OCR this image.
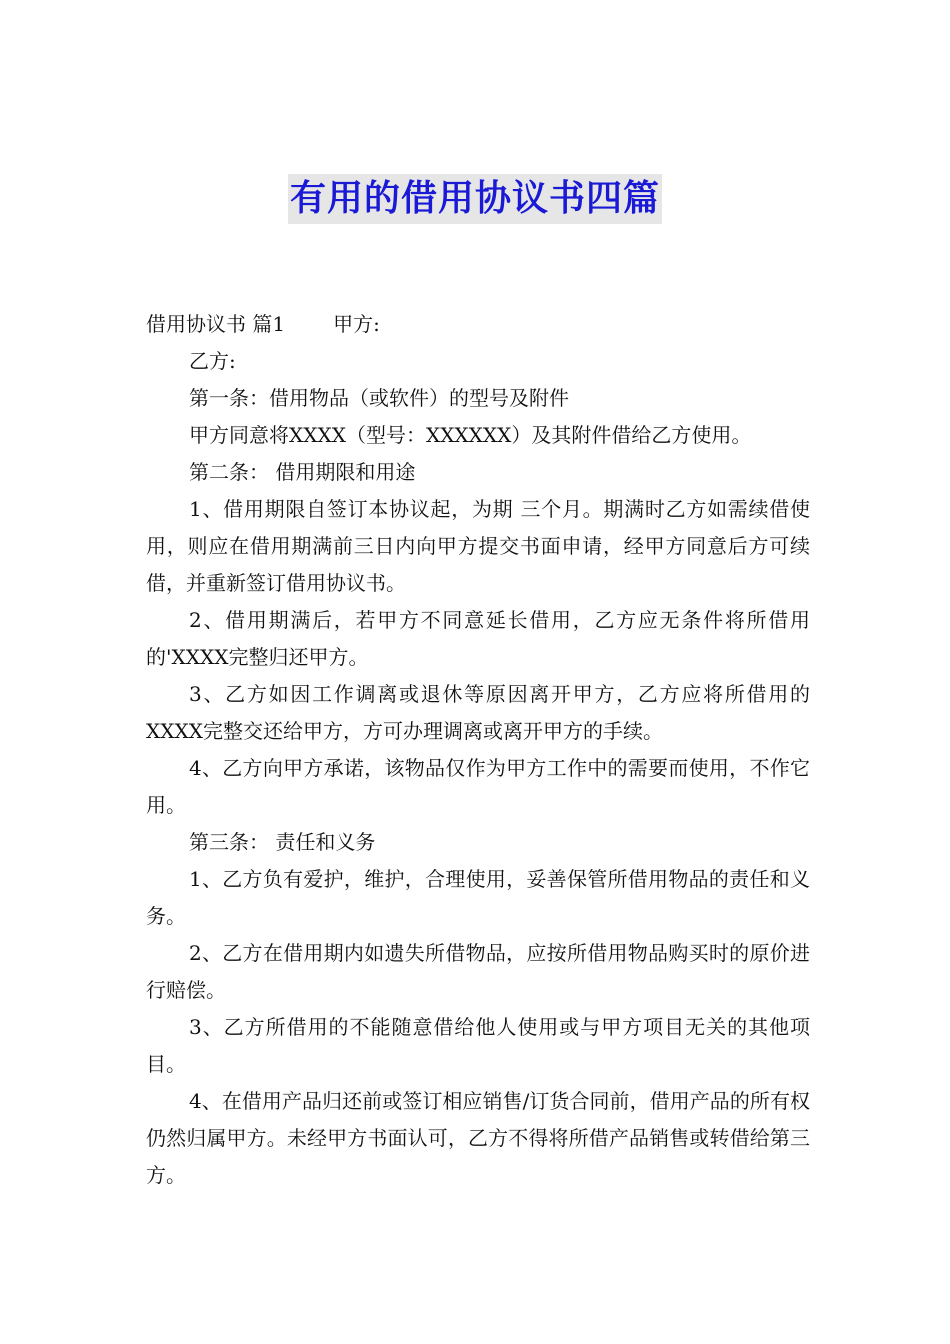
有用的借用协议书四篇

借用协议书 篇1 甲方:

乙方:

第一条：借用物品（或软件）的型号及附件

甲方同意将XXXX（型号：XXXXXX）及其附件借给乙方使用。

第二条： 借用期限和用途

1、借用期限自签订本协议起，为期 三个月。期满时乙方如需续借使用，则应在借用期满前三日内向甲方提交书面申请，经甲方同意后方可续借，并重新签订借用协议书。

2、借用期满后，若甲方不同意延长借用，乙方应无条件将所借用的'XXXX完整归还甲方。

3、乙方如因工作调离或退休等原因离开甲方，乙方应将所借用的XXXX完整交还给甲方，方可办理调离或离开甲方的手续。

4、乙方向甲方承诺，该物品仅作为甲方工作中的需要而使用，不作它用。

第三条： 责任和义务

1、乙方负有爱护，维护，合理使用，妥善保管所借用物品的责任和义务。

2、乙方在借用期内如遗失所借物品，应按所借用物品购买时的原价进行赔偿。

3、乙方所借用的不能随意借给他人使用或与甲方项目无关的其他项目。

4、在借用产品归还前或签订相应销售/订货合同前，借用产品的所有权仍然归属甲方。未经甲方书面认可，乙方不得将所借产品销售或转借给第三方。
